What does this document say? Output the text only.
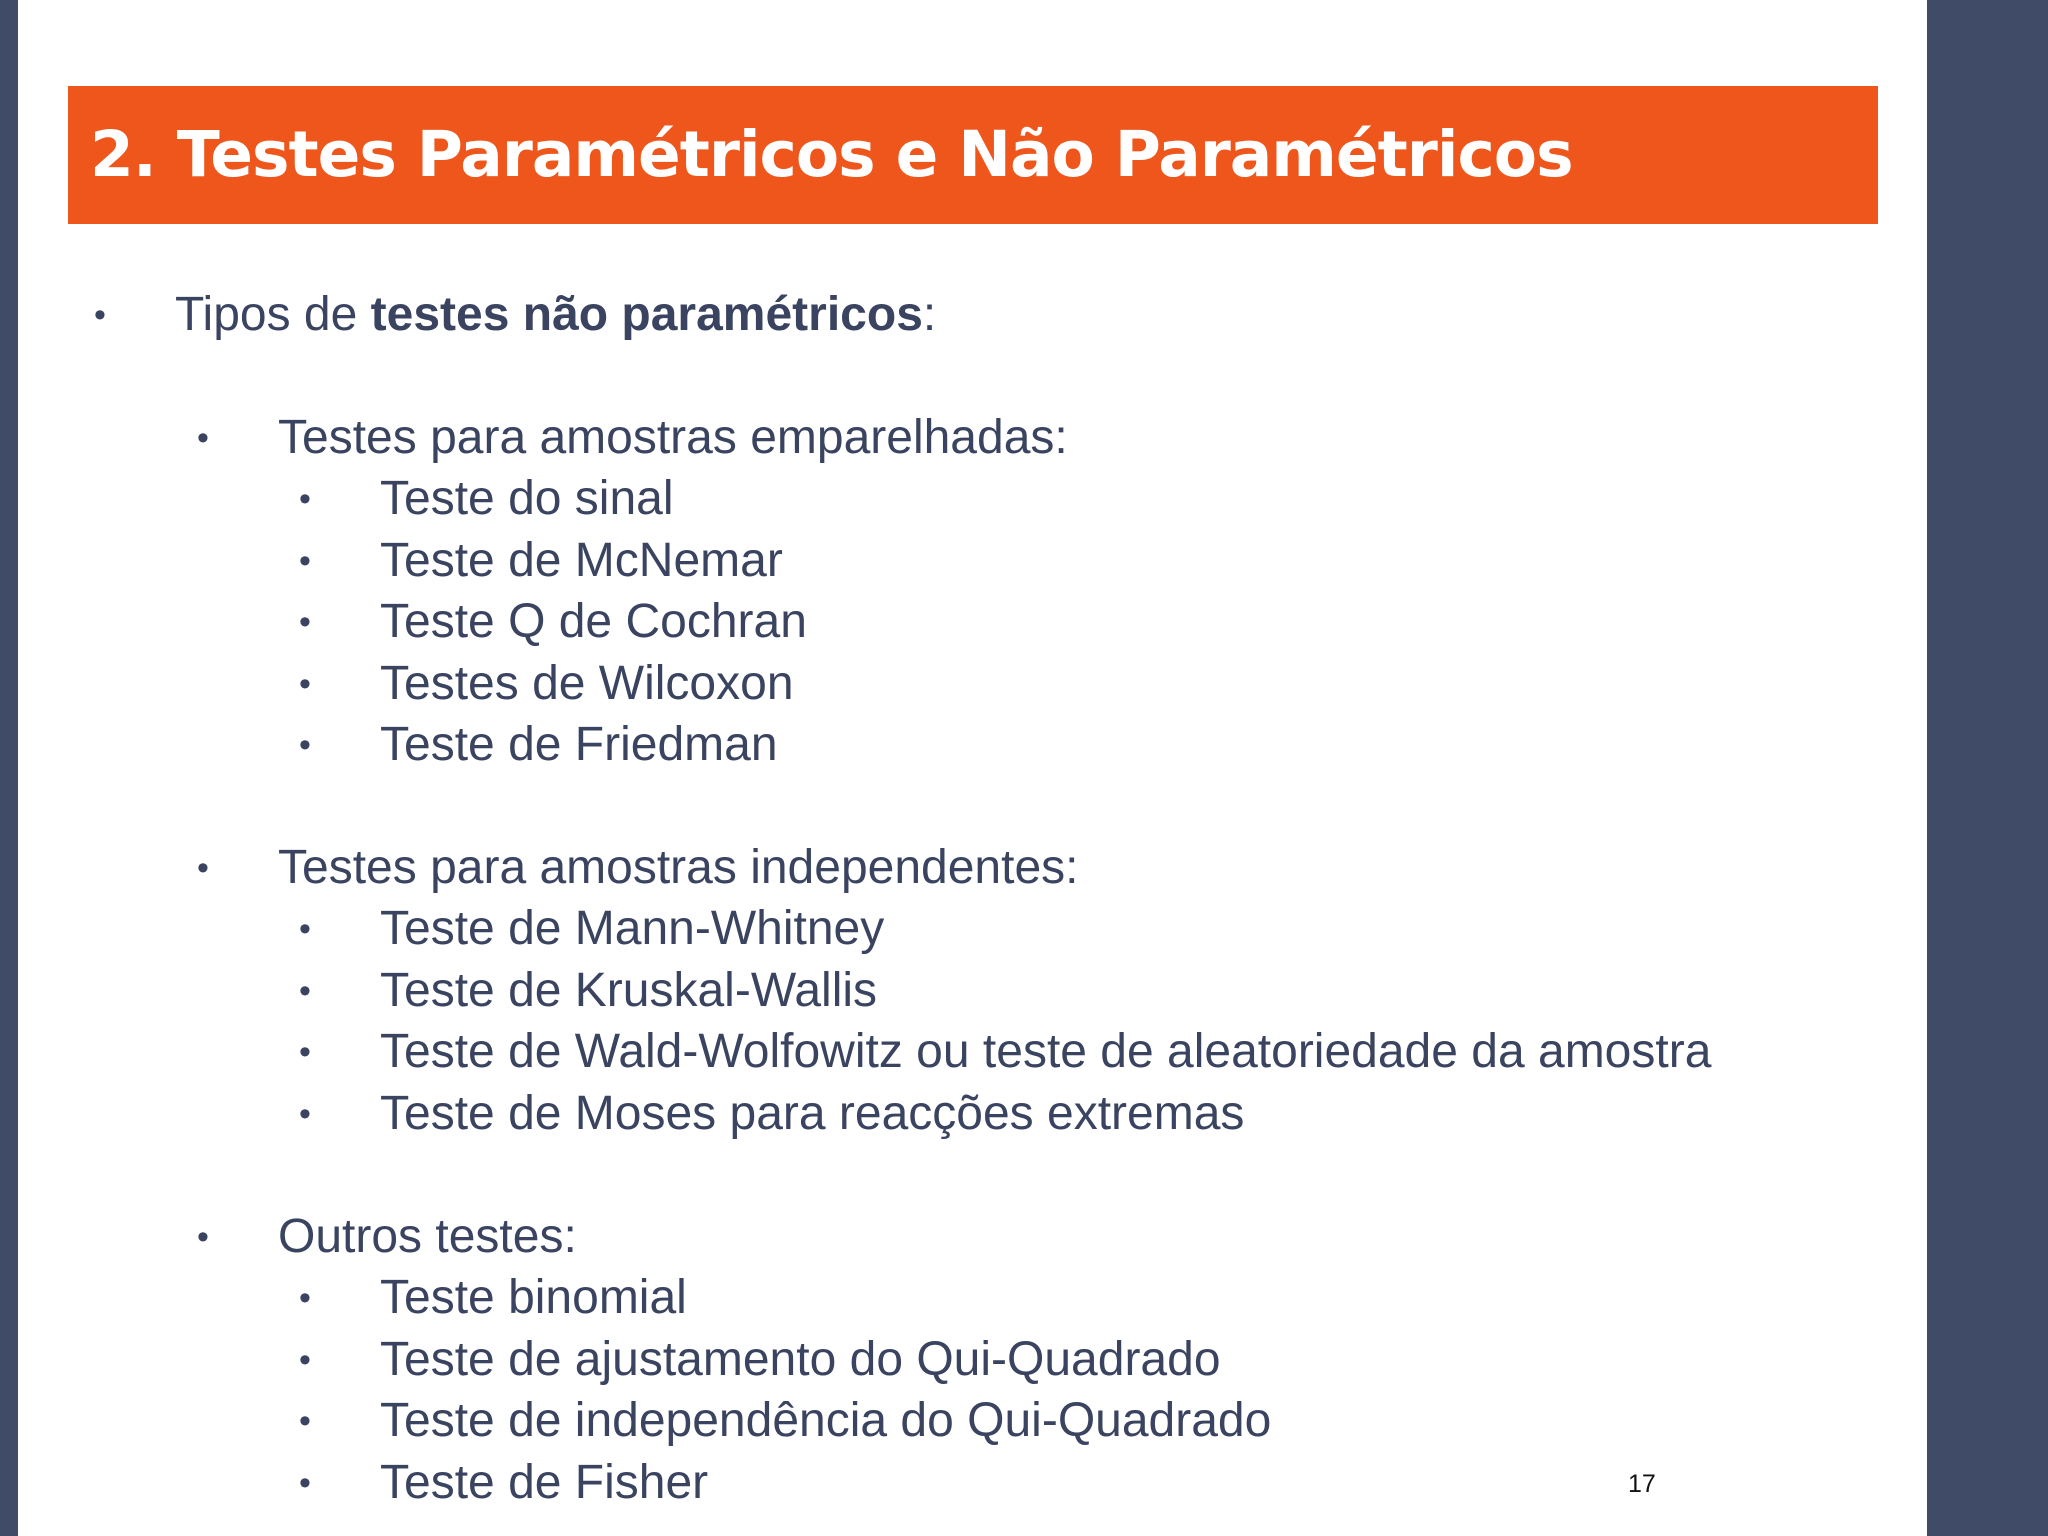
2. Testes Paramétricos e Não Paramétricos
• Tipos de testes não paramétricos:
• Testes para amostras emparelhadas:
• Teste do sinal
• Teste de McNemar
• Teste Q de Cochran
• Testes de Wilcoxon
• Teste de Friedman
• Testes para amostras independentes:
• Teste de Mann-Whitney
• Teste de Kruskal-Wallis
• Teste de Wald-Wolfowitz ou teste de aleatoriedade da amostra
• Teste de Moses para reacções extremas
• Outros testes:
• Teste binomial
• Teste de ajustamento do Qui-Quadrado
• Teste de independência do Qui-Quadrado
• Teste de Fisher	17
